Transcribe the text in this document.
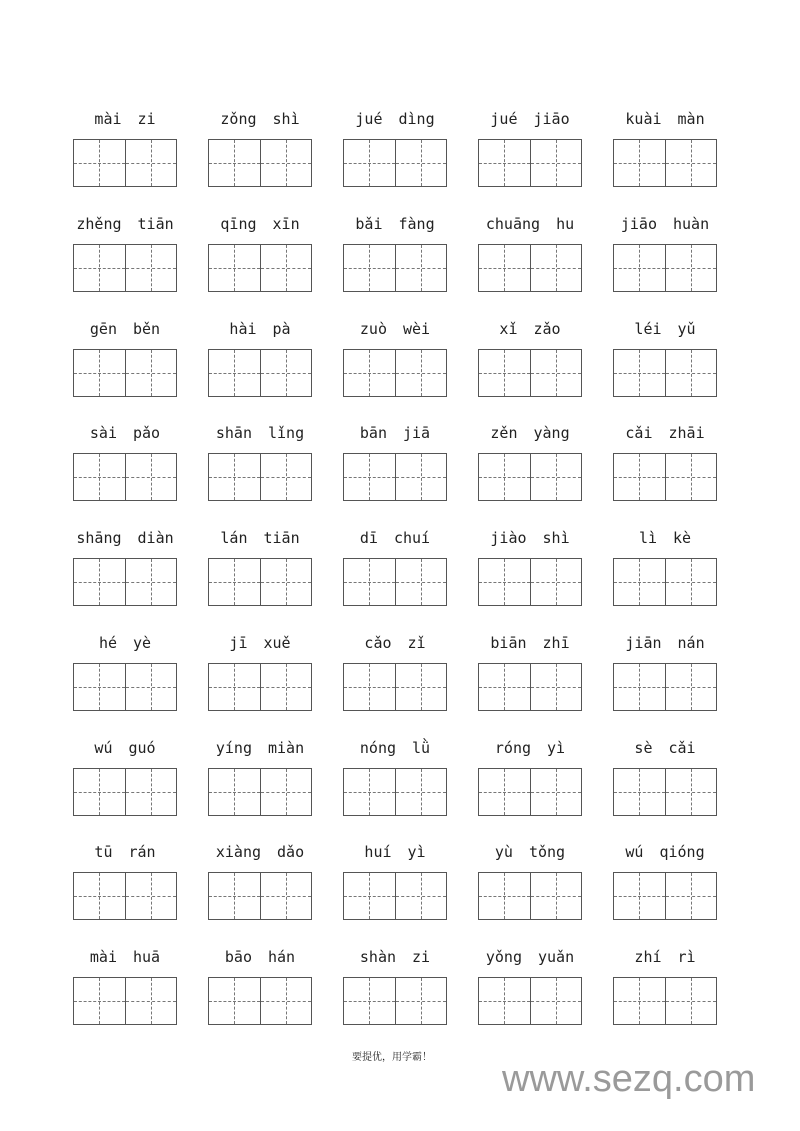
mài zi	zǒng shì	jué dìng	jué jiāo	kuài màn
zhěng tiān	qīng xīn	bǎi fàng	chuāng hu	jiāo huàn
gēn běn	hài pà	zuò wèi	xǐ zǎo	léi yǔ
sài pǎo	shān lǐng	bān jiā	zěn yàng	cǎi zhāi
shāng diàn	lán tiān	dī chuí	jiào shì	lì kè
hé yè	jī xuě	cǎo zǐ	biān zhī	jiān nán
wú guó	yíng miàn	nóng lǜ	róng yì	sè cǎi
tū rán	xiàng dǎo	huí yì	yù tǒng	wú qióng
mài huā	bāo hán	shàn zi	yǒng yuǎn	zhí rì
要提优，用学霸！
www.sezq.com
